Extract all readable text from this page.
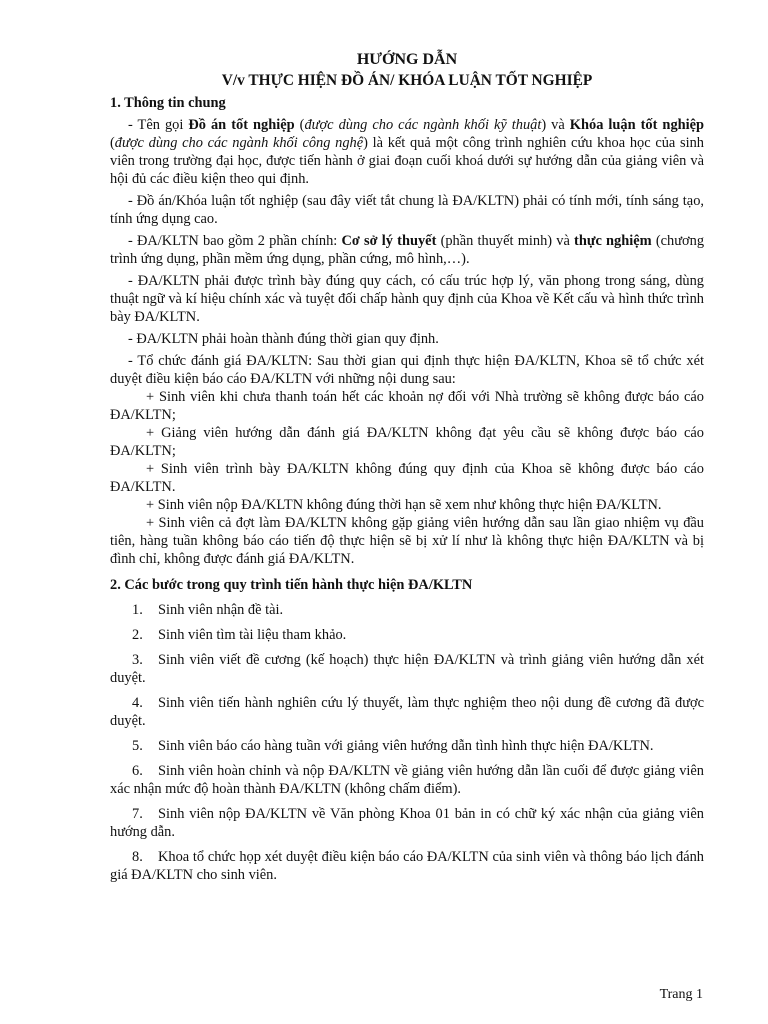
HƯỚNG DẪN
V/v THỰC HIỆN ĐỒ ÁN/ KHÓA LUẬN TỐT NGHIỆP
1. Thông tin chung
- Tên gọi Đồ án tốt nghiệp (được dùng cho các ngành khối kỹ thuật) và Khóa luận tốt nghiệp (được dùng cho các ngành khối công nghệ) là kết quả một công trình nghiên cứu khoa học của sinh viên trong trường đại học, được tiến hành ở giai đoạn cuối khoá dưới sự hướng dẫn của giảng viên và hội đủ các điều kiện theo qui định.
- Đồ án/Khóa luận tốt nghiệp (sau đây viết tắt chung là ĐA/KLTN) phải có tính mới, tính sáng tạo, tính ứng dụng cao.
- ĐA/KLTN bao gồm 2 phần chính: Cơ sở lý thuyết (phần thuyết minh) và thực nghiệm (chương trình ứng dụng, phần mềm ứng dụng, phần cứng, mô hình,…).
- ĐA/KLTN phải được trình bày đúng quy cách, có cấu trúc hợp lý, văn phong trong sáng, dùng thuật ngữ và kí hiệu chính xác và tuyệt đối chấp hành quy định của Khoa về Kết cấu và hình thức trình bày ĐA/KLTN.
- ĐA/KLTN phải hoàn thành đúng thời gian quy định.
- Tổ chức đánh giá ĐA/KLTN: Sau thời gian qui định thực hiện ĐA/KLTN, Khoa sẽ tổ chức xét duyệt điều kiện báo cáo ĐA/KLTN với những nội dung sau:

+ Sinh viên khi chưa thanh toán hết các khoản nợ đối với Nhà trường sẽ không được báo cáo ĐA/KLTN;

+ Giảng viên hướng dẫn đánh giá ĐA/KLTN không đạt yêu cầu sẽ không được báo cáo ĐA/KLTN;

+ Sinh viên trình bày ĐA/KLTN không đúng quy định của Khoa sẽ không được báo cáo ĐA/KLTN.

+ Sinh viên nộp ĐA/KLTN không đúng thời hạn sẽ xem như không thực hiện ĐA/KLTN.

+ Sinh viên cả đợt làm ĐA/KLTN không gặp giảng viên hướng dẫn sau lần giao nhiệm vụ đầu tiên, hàng tuần không báo cáo tiến độ thực hiện sẽ bị xử lí như là không thực hiện ĐA/KLTN và bị đình chỉ, không được đánh giá ĐA/KLTN.

2. Các bước trong quy trình tiến hành thực hiện ĐA/KLTN

1. Sinh viên nhận đề tài.

2. Sinh viên tìm tài liệu tham khảo.

3. Sinh viên viết đề cương (kế hoạch) thực hiện ĐA/KLTN và trình giảng viên hướng dẫn xét duyệt.

4. Sinh viên tiến hành nghiên cứu lý thuyết, làm thực nghiệm theo nội dung đề cương đã được duyệt.

5. Sinh viên báo cáo hàng tuần với giảng viên hướng dẫn tình hình thực hiện ĐA/KLTN.

6. Sinh viên hoàn chỉnh và nộp ĐA/KLTN về giảng viên hướng dẫn lần cuối để được giảng viên xác nhận mức độ hoàn thành ĐA/KLTN (không chấm điểm).

7. Sinh viên nộp ĐA/KLTN về Văn phòng Khoa 01 bản in có chữ ký xác nhận của giảng viên hướng dẫn.

8. Khoa tổ chức họp xét duyệt điều kiện báo cáo ĐA/KLTN của sinh viên và thông báo lịch đánh giá ĐA/KLTN cho sinh viên.

Trang 1
